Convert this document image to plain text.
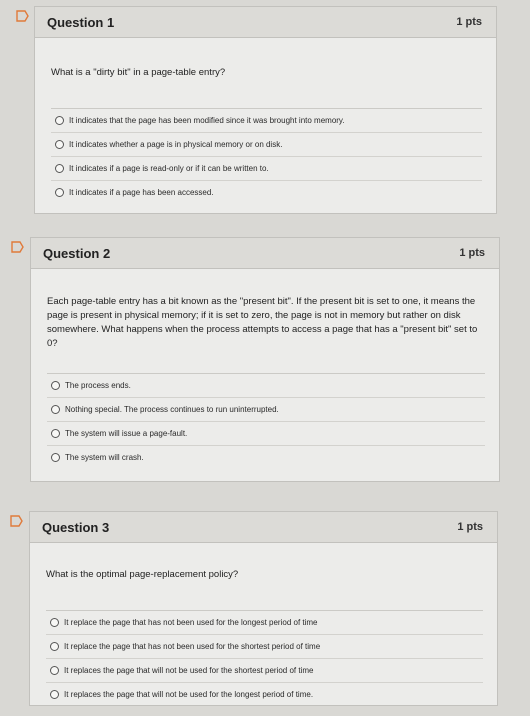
Question 1	1 pts

What is a "dirty bit" in a page-table entry?

It indicates that the page has been modified since it was brought into memory.
It indicates whether a page is in physical memory or on disk.
It indicates if a page is read-only or if it can be written to.
It indicates if a page has been accessed.
Question 2	1 pts

Each page-table entry has a bit known as the "present bit". If the present bit is set to one, it means the page is present in physical memory; if it is set to zero, the page is not in memory but rather on disk somewhere. What happens when the process attempts to access a page that has a "present bit" set to 0?

The process ends.
Nothing special. The process continues to run uninterrupted.
The system will issue a page-fault.
The system will crash.
Question 3	1 pts

What is the optimal page-replacement policy?

It replace the page that has not been used for the longest period of time
It replace the page that has not been used for the shortest period of time
It replaces the page that will not be used for the shortest period of time
It replaces the page that will not be used for the longest period of time.
